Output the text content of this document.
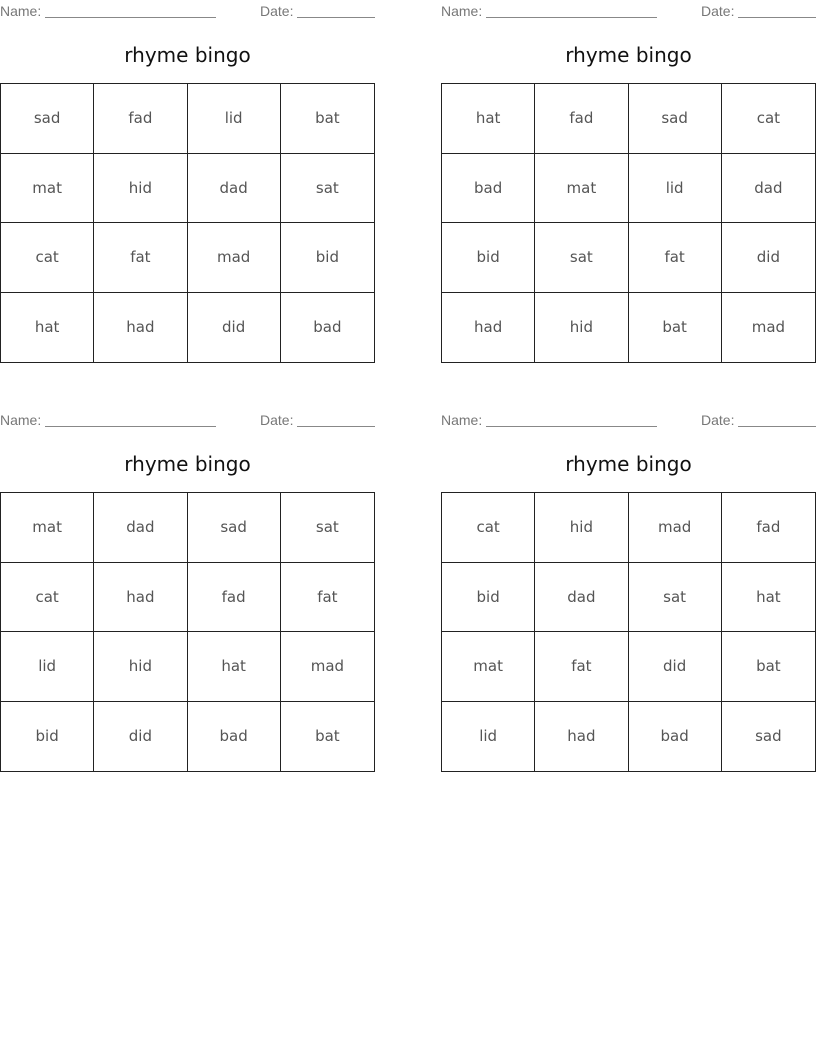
Name:	Date:
rhyme bingo
sad	fad	lid	bat
mat	hid	dad	sat
cat	fat	mad	bid
hat	had	did	bad
Name:	Date:
rhyme bingo
hat	fad	sad	cat
bad	mat	lid	dad
bid	sat	fat	did
had	hid	bat	mad
Name:	Date:
rhyme bingo
mat	dad	sad	sat
cat	had	fad	fat
lid	hid	hat	mad
bid	did	bad	bat
Name:	Date:
rhyme bingo
cat	hid	mad	fad
bid	dad	sat	hat
mat	fat	did	bat
lid	had	bad	sad
